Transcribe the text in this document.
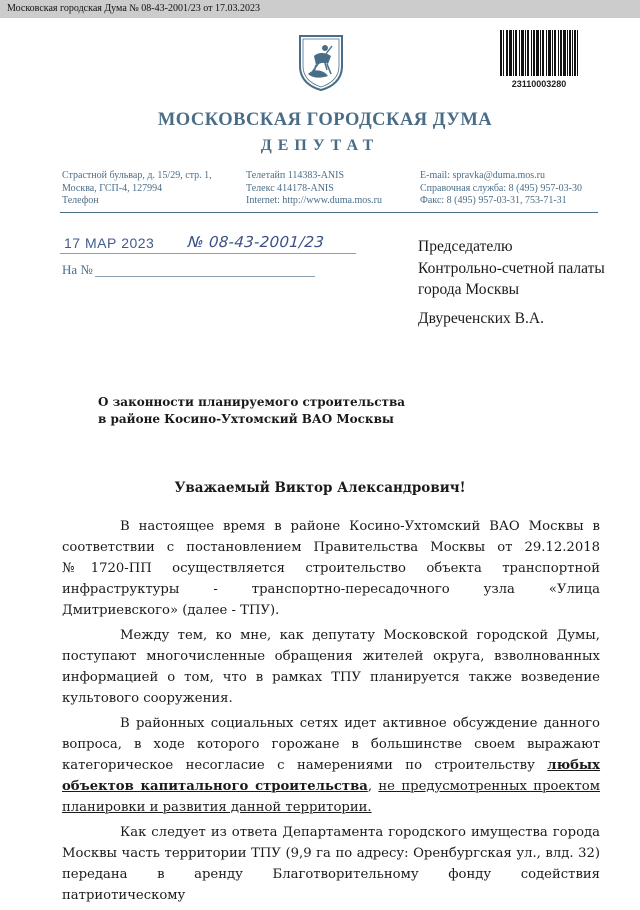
Московская городская Дума № 08-43-2001/23 от 17.03.2023
23110003280
МОСКОВСКАЯ ГОРОДСКАЯ ДУМА
ДЕПУТАТ
Страстной бульвар, д. 15/29, стр. 1,
Москва, ГСП-4, 127994
Телефон
Телетайп 114383-ANIS
Телекс 414178-ANIS
Internet: http://www.duma.mos.ru
E-mail: spravka@duma.mos.ru
Справочная служба: 8 (495) 957-03-30
Факс: 8 (495) 957-03-31, 753-71-31
17 МАР 2023 № 08-43-2001/23
На №
Председателю
Контрольно-счетной палаты
города Москвы
Двуреченских В.А.
О законности планируемого строительства
в районе Косино-Ухтомский ВАО Москвы
Уважаемый Виктор Александрович!

В настоящее время в районе Косино-Ухтомский ВАО Москвы в соответствии с постановлением Правительства Москвы от 29.12.2018 №1720-ПП осуществляется строительство объекта транспортной инфраструктуры - транспортно-пересадочного узла «Улица Дмитриевского» (далее - ТПУ).

Между тем, ко мне, как депутату Московской городской Думы, поступают многочисленные обращения жителей округа, взволнованных информацией о том, что в рамках ТПУ планируется также возведение культового сооружения.

В районных социальных сетях идет активное обсуждение данного вопроса, в ходе которого горожане в большинстве своем выражают категорическое несогласие с намерениями по строительству любых объектов капитального строительства, не предусмотренных проектом планировки и развития данной территории.

Как следует из ответа Департамента городского имущества города Москвы часть территории ТПУ (9,9 га по адресу: Оренбургская ул., влд. 32) передана в аренду Благотворительному фонду содействия патриотическому
